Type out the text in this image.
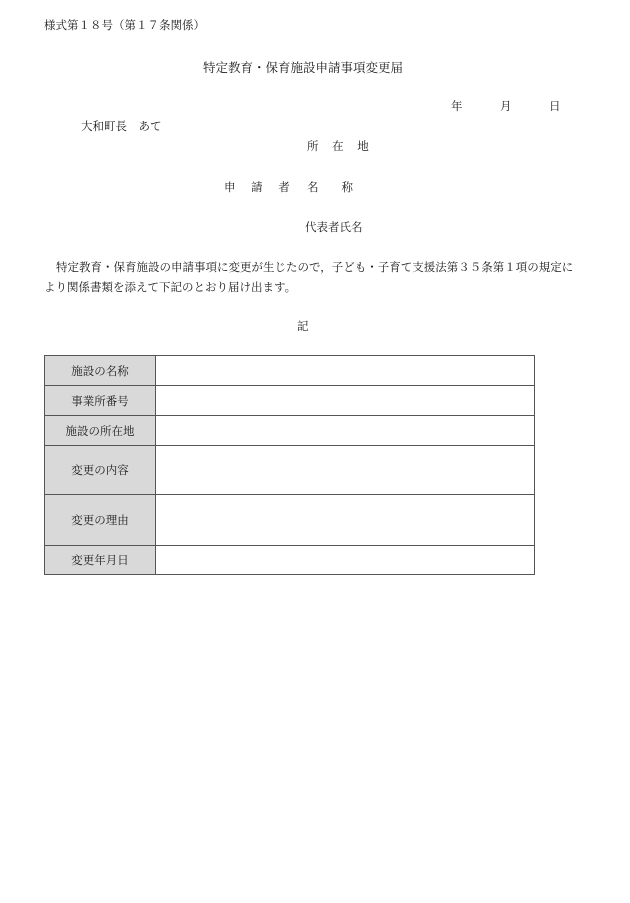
様式第１８号（第１７条関係）
特定教育・保育施設申請事項変更届
年	月	日
大和町長　あて
所 在 地
申 請 者 名　　称
代表者氏名
特定教育・保育施設の申請事項に変更が生じたので，子ども・子育て支援法第３５条第１項の規定により関係書類を添えて下記のとおり届け出ます。
記
施設の名称	
事業所番号	
施設の所在地	
変更の内容	
変更の理由	
変更年月日	
